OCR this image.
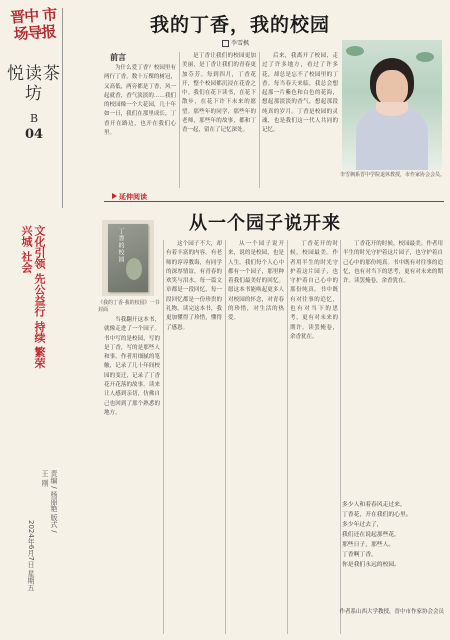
晋中 市场导报
悦读茶坊
B
04
文化引领 先公益行 持续 繁荣 兴城 社会
责编 / 杨丽艳 版式 / 王 刚
2024年6月7日 星期五
我的丁香，我的校园
李雪枫
前言
为什么爱丁香？校园里有两行丁香，数十万棵的树冠，又高低，两旁都是丁香，风一起就香，香气淡淡的……我们的校园像一个大花园，几十年如一日，我们在那里成长。丁香开在路边，也开在我们心里。
是丁香让我们的校园更加美丽，是丁香让我们的青春更加芬芳。每到四月，丁香花开，整个校园都沉浸在花香之中。我们在花下读书，在花下散步，在花下许下未来的愿望。那些年的同学，那些年的老师，那些年的故事，都和丁香一起，留在了记忆深处。
后来，我离开了校园，走过了许多地方，看过了许多花，却总是忘不了校园里的丁香。每当春天来临，我总会想起那一片紫色和白色的花海，想起那淡淡的香气，想起那段纯真的岁月。丁香是校园的灵魂，也是我们这一代人共同的记忆。
李雪枫系晋中学院退休教授，市作家协会会员。
延伸阅读
从一个园子说开来
丁香的校园
《我的丁香·我的校园》一书封面
当我翻开这本书，就像走进了一个园子。书中写的是校园，写的是丁香，写的是那些人和事。作者用细腻的笔触，记录了几十年间校园的变迁，记录了丁香花开花落的故事。读来让人感到亲切，仿佛自己也回到了那个熟悉的地方。
这个园子不大，却有着丰富的内容。有老师的谆谆教诲，有同学的深厚情谊，有青春的欢笑与泪水。每一篇文章都是一段回忆，每一段回忆都是一份珍贵的礼物。读完这本书，我更加懂得了珍惜，懂得了感恩。
从一个园子说开来，说的是校园，也是人生。我们每个人心中都有一个园子，那里种着我们最美好的回忆。愿这本书能唤起更多人对校园的怀念，对青春的珍惜，对生活的热爱。
丁香花开的时候，校园最美。作者用半生的时光守护着这片园子，也守护着自己心中的那份纯真。书中既有对往事的追忆，也有对当下的思考，更有对未来的期许。读罢掩卷，余香犹在。
丁香花开的时候，校园最美。作者用半生的时光守护着这片园子，也守护着自己心中的那份纯真。书中既有对往事的追忆，也有对当下的思考，更有对未来的期许。读罢掩卷，余香犹在。
多少人和着春风走过来，
丁香花，开在我们的心里。
多少年过去了，
我们还在说起那些花，
那些日子，那些人。
丁香啊丁香，
你是我们永远的校园。
作者系山西大学教授，晋中市作家协会会员
